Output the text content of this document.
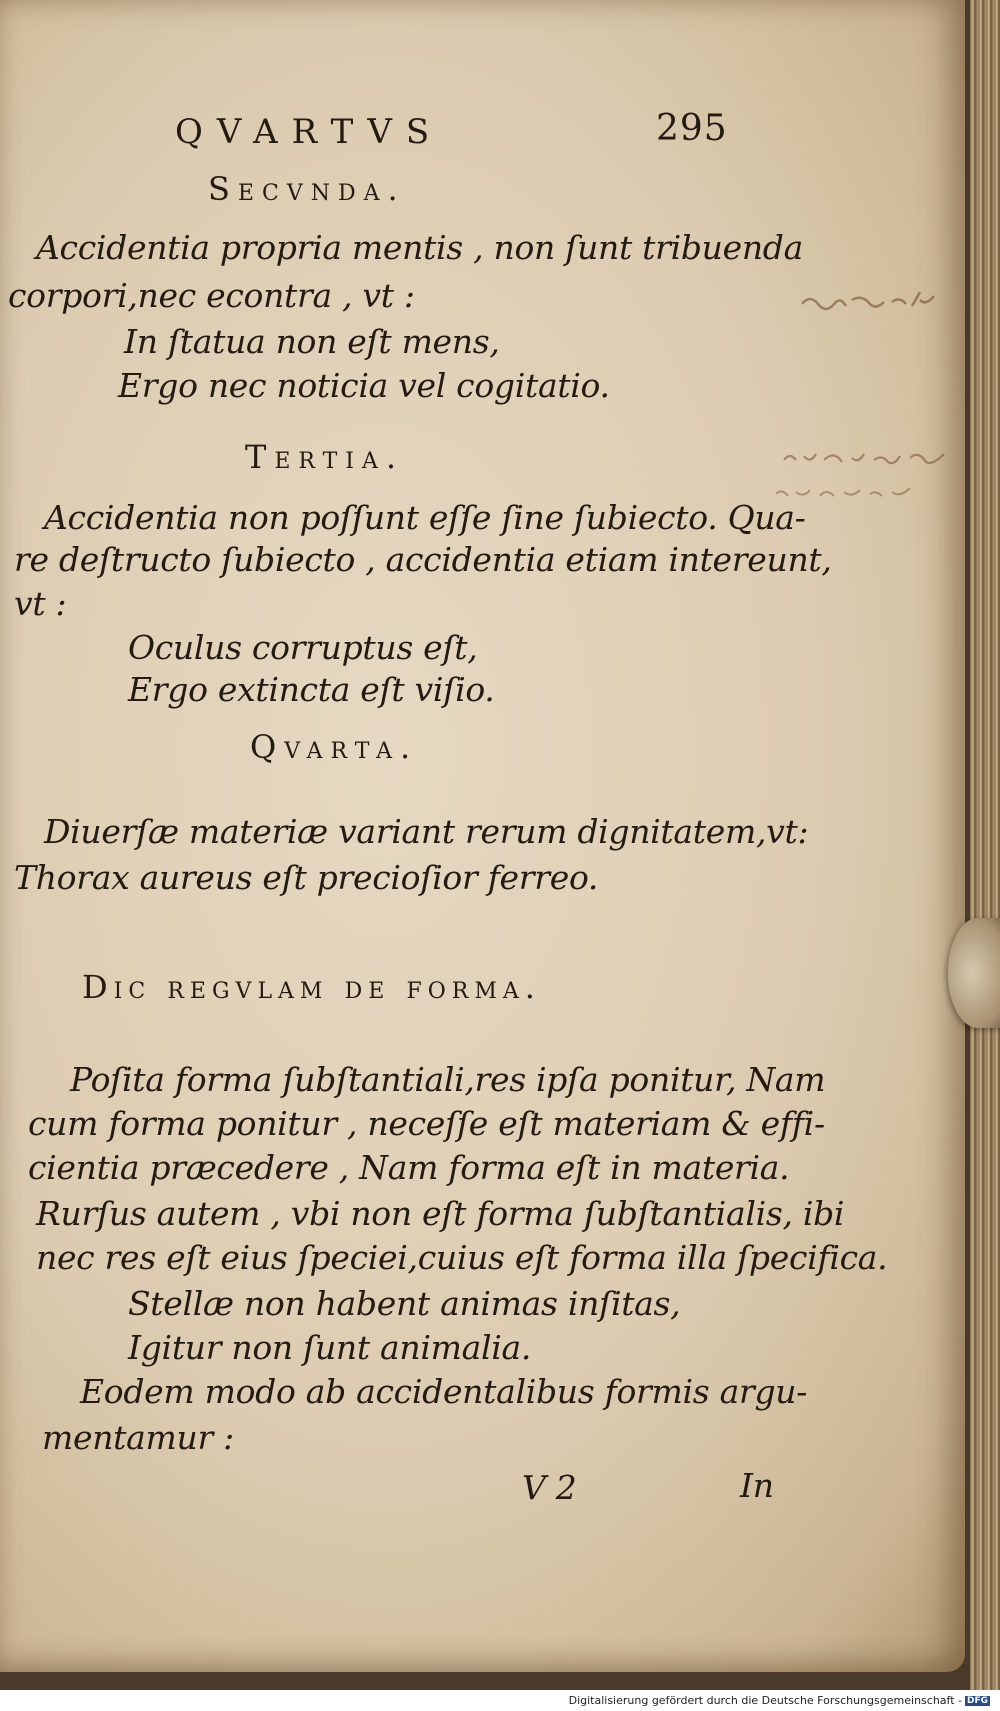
QVARTVS	295
Secvnda.
Accidentia propria mentis , non ſunt tribuenda
corpori,nec econtra , vt :
In ſtatua non eſt mens,
Ergo nec noticia vel cogitatio.
Tertia.
Accidentia non poſſunt eſſe ſine ſubiecto. Qua-
re deſtructo ſubiecto , accidentia etiam intereunt,
vt :
Oculus corruptus eſt,
Ergo extincta eſt viſio.
Qvarta.
Diuerſæ materiæ variant rerum dignitatem,vt:
Thorax aureus eſt precioſior ferreo.
Dic regvlam de forma.
Poſita forma ſubſtantiali,res ipſa ponitur, Nam
cum forma ponitur , neceſſe eſt materiam & effi-
cientia præcedere , Nam forma eſt in materia.
Rurſus autem , vbi non eſt forma ſubſtantialis, ibi
nec res eſt eius ſpeciei,cuius eſt forma illa ſpecifica.
Stellæ non habent animas inſitas,
Igitur non ſunt animalia.
Eodem modo ab accidentalibus formis argu-
mentamur :
V 2	In
Digitalisierung gefördert durch die Deutsche Forschungsgemeinschaft - DFG
